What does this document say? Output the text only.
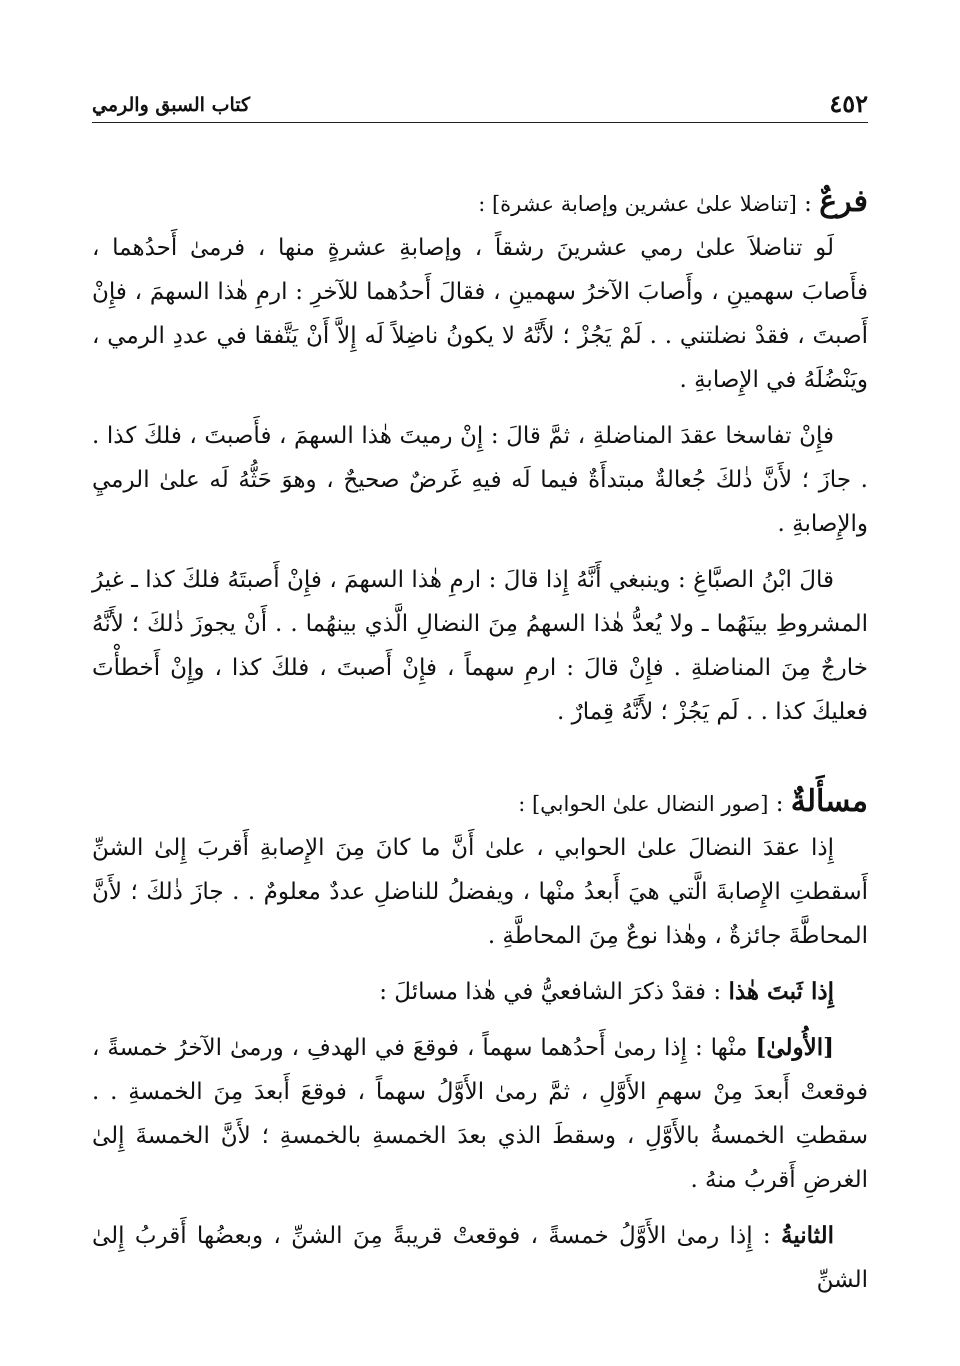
كتاب السبق والرمي	٤٥٢

فرعٌ : [تناضلا علىٰ عشرين وإصابة عشرة] :

لَو تناضلاَ علىٰ رمي عشرينَ رشقاً ، وإصابةِ عشرةٍ منها ، فرمىٰ أَحدُهما ، فأَصابَ سهمينِ ، وأَصابَ الآخرُ سهمينِ ، فقالَ أَحدُهما للآخرِ : ارمِ هٰذا السهمَ ، فإِنْ أَصبتَ ، فقدْ نضلتني . . لَمْ يَجُزْ ؛ لأَنَّهُ لا يكونُ ناضِلاً لَه إِلاَّ أَنْ يَتَّفقا في عددِ الرمي ، ويَنْضُلَهُ في الإِصابةِ .

فإِنْ تفاسخا عقدَ المناضلةِ ، ثمَّ قالَ : إِنْ رميتَ هٰذا السهمَ ، فأَصبتَ ، فلكَ كذا . . جازَ ؛ لأَنَّ ذٰلكَ جُعالةٌ مبتدأَةٌ فيما لَه فيهِ غَرضٌ صحيحٌ ، وهوَ حَثُّهُ لَه علىٰ الرميِ والإِصابةِ .

قالَ ابْنُ الصبَّاغِ : وينبغي أَنَّهُ إِذا قالَ : ارمِ هٰذا السهمَ ، فإِنْ أَصبتَهُ فلكَ كذا ـ غيرُ المشروطِ بينَهُما ـ ولا يُعدُّ هٰذا السهمُ مِنَ النضالِ الَّذي بينهُما . . أَنْ يجوزَ ذٰلكَ ؛ لأَنَّهُ خارجٌ مِنَ المناضلةِ . فإِنْ قالَ : ارمِ سهماً ، فإِنْ أَصبتَ ، فلكَ كذا ، وإِنْ أَخطأْتَ فعليكَ كذا . . لَم يَجُزْ ؛ لأَنَّهُ قِمارٌ .

مسأَلةٌ : [صور النضال علىٰ الحوابي] :

إِذا عقدَ النضالَ علىٰ الحوابي ، علىٰ أَنَّ ما كانَ مِنَ الإِصابةِ أَقربَ إِلىٰ الشنِّ أَسقطتِ الإِصابةَ الَّتي هيَ أَبعدُ منْها ، ويفضلُ للناضلِ عددٌ معلومٌ . . جازَ ذٰلكَ ؛ لأَنَّ المحاطَّةَ جائزةٌ ، وهٰذا نوعٌ مِنَ المحاطَّةِ .

إِذا ثَبتَ هٰذا : فقدْ ذكرَ الشافعيُّ في هٰذا مسائلَ :

[الأُولىٰ] منْها : إِذا رمىٰ أَحدُهما سهماً ، فوقعَ في الهدفِ ، ورمىٰ الآخرُ خمسةً ، فوقعتْ أَبعدَ مِنْ سهمِ الأَوَّلِ ، ثمَّ رمىٰ الأَوَّلُ سهماً ، فوقعَ أَبعدَ مِنَ الخمسةِ . . سقطتِ الخمسةُ بالأَوَّلِ ، وسقطَ الذي بعدَ الخمسةِ بالخمسةِ ؛ لأَنَّ الخمسةَ إِلىٰ الغرضِ أَقربُ منهُ .

الثانيةُ : إِذا رمىٰ الأَوَّلُ خمسةً ، فوقعتْ قريبةً مِنَ الشنِّ ، وبعضُها أَقربُ إِلىٰ الشنِّ
